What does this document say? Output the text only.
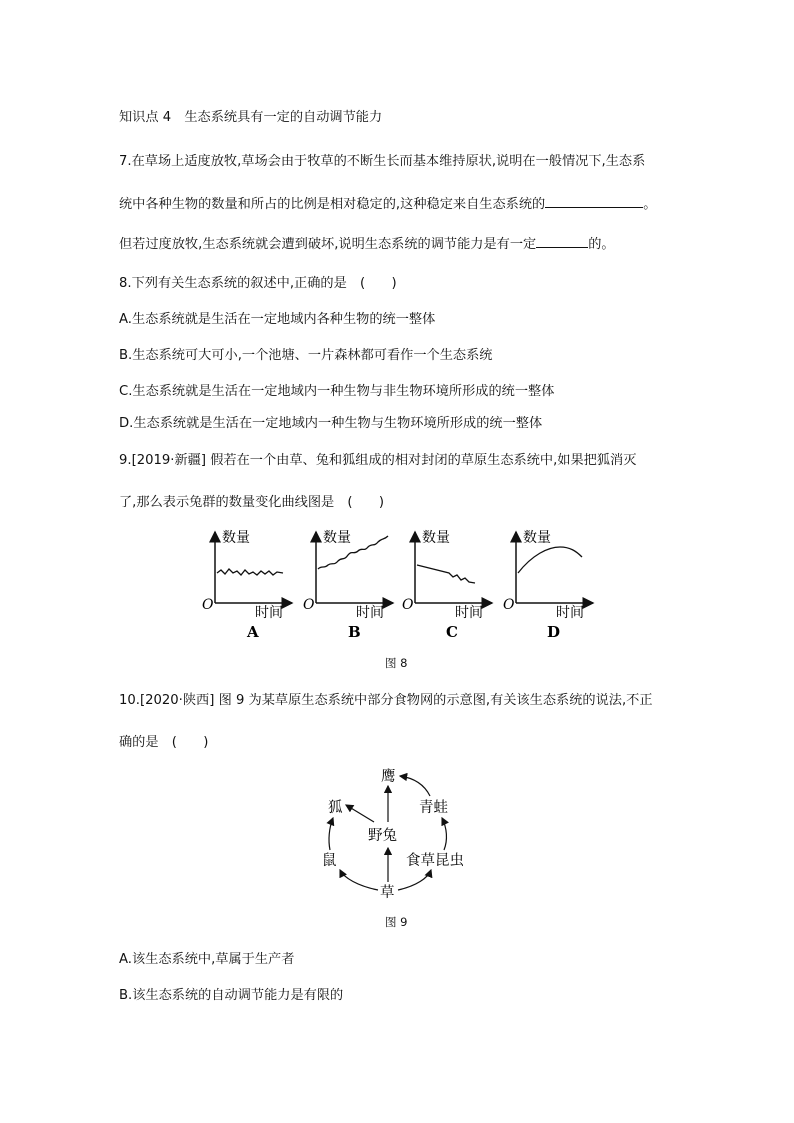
知识点 4　生态系统具有一定的自动调节能力
7.在草场上适度放牧,草场会由于牧草的不断生长而基本维持原状,说明在一般情况下,生态系
统中各种生物的数量和所占的比例是相对稳定的,这种稳定来自生态系统的	。
但若过度放牧,生态系统就会遭到破坏,说明生态系统的调节能力是有一定	的。
8.下列有关生态系统的叙述中,正确的是　(　　)
A.生态系统就是生活在一定地域内各种生物的统一整体
B.生态系统可大可小,一个池塘、一片森林都可看作一个生态系统
C.生态系统就是生活在一定地域内一种生物与非生物环境所形成的统一整体
D.生态系统就是生活在一定地域内一种生物与生物环境所形成的统一整体
9.[2019·新疆] 假若在一个由草、兔和狐组成的相对封闭的草原生态系统中,如果把狐消灭
了,那么表示兔群的数量变化曲线图是　(　　)
数量
时间
O
A
数量
时间
O
B
数量
时间
O
C
数量
时间
O
D
图 8
10.[2020·陕西] 图 9 为某草原生态系统中部分食物网的示意图,有关该生态系统的说法,不正
确的是　(　　)
鹰
狐	青蛙
野兔
鼠	食草昆虫
草
图 9
A.该生态系统中,草属于生产者
B.该生态系统的自动调节能力是有限的
